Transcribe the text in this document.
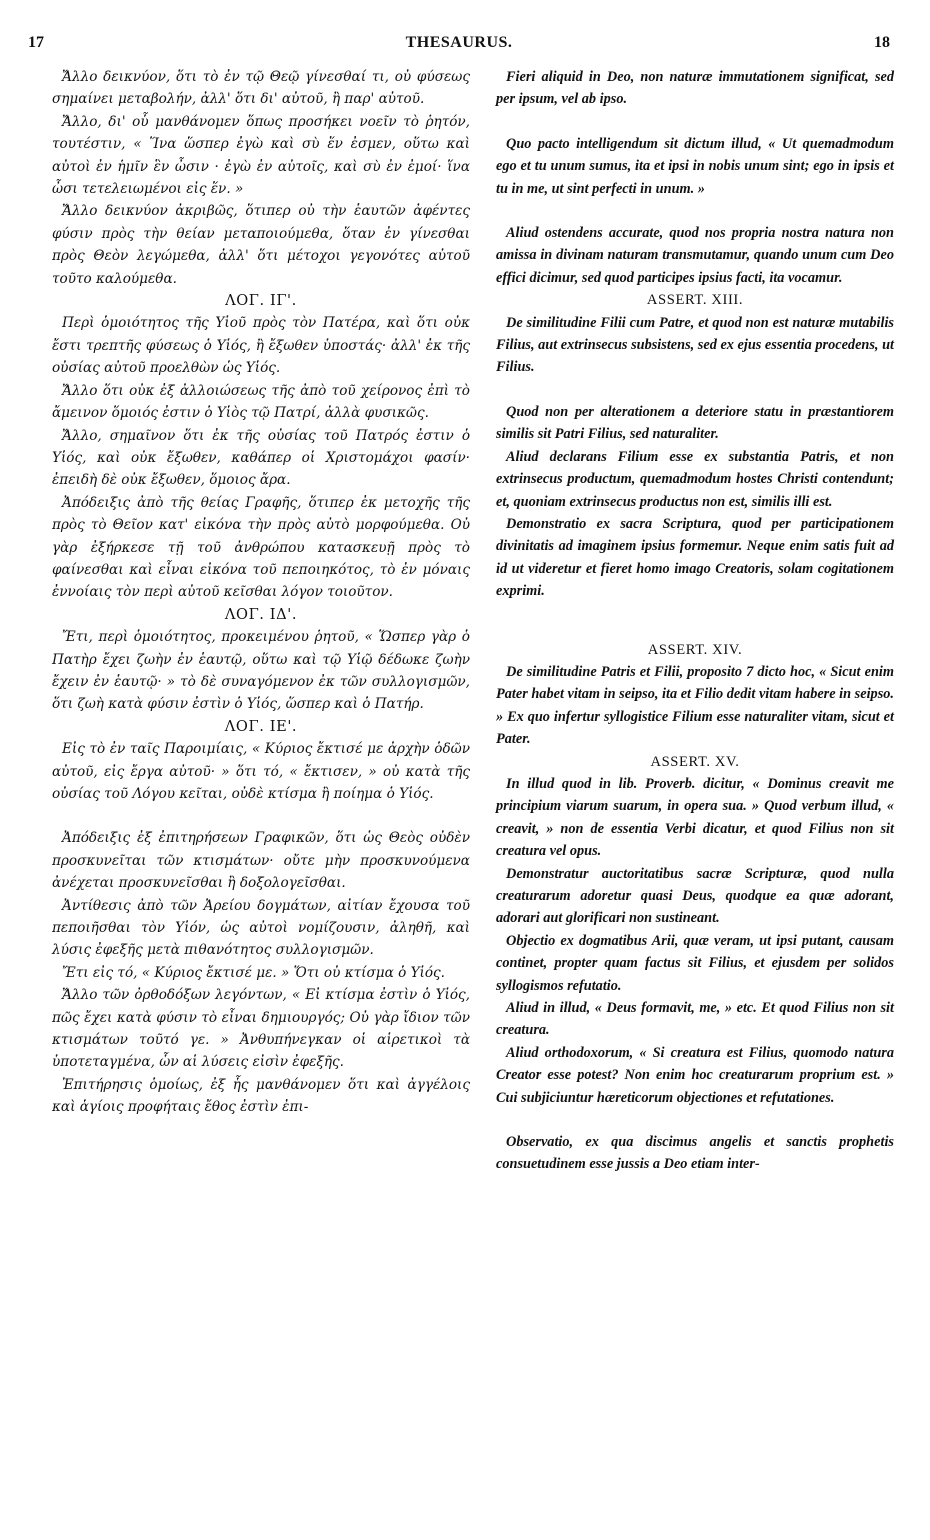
17	THESAURUS.	18

Ἄλλο δεικνύον, ὅτι τὸ ἐν τῷ Θεῷ γίνεσθαί τι, οὐ φύσεως σημαίνει μεταβολήν, ἀλλ' ὅτι δι' αὐτοῦ, ἢ παρ' αὐτοῦ.

Ἄλλο, δι' οὗ μανθάνομεν ὅπως προσήκει νοεῖν τὸ ῥητόν, τουτέστιν, « Ἵνα ὥσπερ ἐγὼ καὶ σὺ ἕν ἐσμεν, οὕτω καὶ αὐτοὶ ἐν ἡμῖν ἓν ὦσιν · ἐγὼ ἐν αὐτοῖς, καὶ σὺ ἐν ἐμοί· ἵνα ὦσι τετελειωμένοι εἰς ἕν. »

Ἄλλο δεικνύον ἀκριβῶς, ὅτιπερ οὐ τὴν ἑαυτῶν ἀφέντες φύσιν πρὸς τὴν θείαν μεταποιούμεθα, ὅταν ἐν γίνεσθαι πρὸς Θεὸν λεγώμεθα, ἀλλ' ὅτι μέτοχοι γεγονότες αὐτοῦ τοῦτο καλούμεθα.

ΛΟΓ. ΙΓ'.

Περὶ ὁμοιότητος τῆς Υἱοῦ πρὸς τὸν Πατέρα, καὶ ὅτι οὐκ ἔστι τρεπτῆς φύσεως ὁ Υἱός, ἢ ἔξωθεν ὑποστάς· ἀλλ' ἐκ τῆς οὐσίας αὐτοῦ προελθὼν ὡς Υἱός.

Ἄλλο ὅτι οὐκ ἐξ ἀλλοιώσεως τῆς ἀπὸ τοῦ χείρονος ἐπὶ τὸ ἄμεινον ὅμοιός ἐστιν ὁ Υἱὸς τῷ Πατρί, ἀλλὰ φυσικῶς.

Ἄλλο, σημαῖνον ὅτι ἐκ τῆς οὐσίας τοῦ Πατρός ἐστιν ὁ Υἱός, καὶ οὐκ ἔξωθεν, καθάπερ οἱ Χριστομάχοι φασίν· ἐπειδὴ δὲ οὐκ ἔξωθεν, ὅμοιος ἄρα.

Ἀπόδειξις ἀπὸ τῆς θείας Γραφῆς, ὅτιπερ ἐκ μετοχῆς τῆς πρὸς τὸ Θεῖον κατ' εἰκόνα τὴν πρὸς αὐτὸ μορφούμεθα. Οὐ γὰρ ἐξήρκεσε τῇ τοῦ ἀνθρώπου κατασκευῇ πρὸς τὸ φαίνεσθαι καὶ εἶναι εἰκόνα τοῦ πεποιηκότος, τὸ ἐν μόναις ἐννοίαις τὸν περὶ αὐτοῦ κεῖσθαι λόγον τοιοῦτον.

ΛΟΓ. ΙΔ'.

Ἔτι, περὶ ὁμοιότητος, προκειμένου ῥητοῦ, « Ὥσπερ γὰρ ὁ Πατὴρ ἔχει ζωὴν ἐν ἑαυτῷ, οὕτω καὶ τῷ Υἱῷ δέδωκε ζωὴν ἔχειν ἐν ἑαυτῷ· » τὸ δὲ συναγόμενον ἐκ τῶν συλλογισμῶν, ὅτι ζωὴ κατὰ φύσιν ἐστὶν ὁ Υἱός, ὥσπερ καὶ ὁ Πατήρ.

ΛΟΓ. ΙΕ'.

Εἰς τὸ ἐν ταῖς Παροιμίαις, « Κύριος ἔκτισέ με ἀρχὴν ὁδῶν αὐτοῦ, εἰς ἔργα αὐτοῦ· » ὅτι τό, « ἔκτισεν, » οὐ κατὰ τῆς οὐσίας τοῦ Λόγου κεῖται, οὐδὲ κτίσμα ἢ ποίημα ὁ Υἱός.

Ἀπόδειξις ἐξ ἐπιτηρήσεων Γραφικῶν, ὅτι ὡς Θεὸς οὐδὲν προσκυνεῖται τῶν κτισμάτων· οὔτε μὴν προσκυνούμενα ἀνέχεται προσκυνεῖσθαι ἢ δοξολογεῖσθαι.

Ἀντίθεσις ἀπὸ τῶν Ἀρείου δογμάτων, αἰτίαν ἔχουσα τοῦ πεποιῆσθαι τὸν Υἱόν, ὡς αὐτοὶ νομίζουσιν, ἀληθῆ, καὶ λύσις ἐφεξῆς μετὰ πιθανότητος συλλογισμῶν.

Ἔτι εἰς τό, « Κύριος ἔκτισέ με. » Ὅτι οὐ κτίσμα ὁ Υἱός.

Ἄλλο τῶν ὀρθοδόξων λεγόντων, « Εἰ κτίσμα ἐστὶν ὁ Υἱός, πῶς ἔχει κατὰ φύσιν τὸ εἶναι δημιουργός; Οὐ γὰρ ἴδιον τῶν κτισμάτων τοῦτό γε. » Ἀνθυπήνεγκαν οἱ αἱρετικοὶ τὰ ὑποτεταγμένα, ὧν αἱ λύσεις εἰσὶν ἐφεξῆς.

Ἐπιτήρησις ὁμοίως, ἐξ ἧς μανθάνομεν ὅτι καὶ ἀγγέλοις καὶ ἁγίοις προφήταις ἔθος ἐστὶν ἐπι-

Fieri aliquid in Deo, non naturæ immutationem significat, sed per ipsum, vel ab ipso.

Quo pacto intelligendum sit dictum illud, « Ut quemadmodum ego et tu unum sumus, ita et ipsi in nobis unum sint; ego in ipsis et tu in me, ut sint perfecti in unum. »

Aliud ostendens accurate, quod nos propria nostra natura non amissa in divinam naturam transmutamur, quando unum cum Deo effici dicimur, sed quod participes ipsius facti, ita vocamur.

ASSERT. XIII.

De similitudine Filii cum Patre, et quod non est naturæ mutabilis Filius, aut extrinsecus subsistens, sed ex ejus essentia procedens, ut Filius.

Quod non per alterationem a deteriore statu in præstantiorem similis sit Patri Filius, sed naturaliter.

Aliud declarans Filium esse ex substantia Patris, et non extrinsecus productum, quemadmodum hostes Christi contendunt; et, quoniam extrinsecus productus non est, similis illi est.

Demonstratio ex sacra Scriptura, quod per participationem divinitatis ad imaginem ipsius formemur. Neque enim satis fuit ad id ut videretur et fieret homo imago Creatoris, solam cogitationem exprimi.

ASSERT. XIV.

De similitudine Patris et Filii, proposito 7 dicto hoc, « Sicut enim Pater habet vitam in seipso, ita et Filio dedit vitam habere in seipso. » Ex quo infertur syllogistice Filium esse naturaliter vitam, sicut et Pater.

ASSERT. XV.

In illud quod in lib. Proverb. dicitur, « Dominus creavit me principium viarum suarum, in opera sua. » Quod verbum illud, « creavit, » non de essentia Verbi dicatur, et quod Filius non sit creatura vel opus.

Demonstratur auctoritatibus sacræ Scripturæ, quod nulla creaturarum adoretur quasi Deus, quodque ea quæ adorant, adorari aut glorificari non sustineant.

Objectio ex dogmatibus Arii, quæ veram, ut ipsi putant, causam continet, propter quam factus sit Filius, et ejusdem per solidos syllogismos refutatio.

Aliud in illud, « Deus formavit, me, » etc. Et quod Filius non sit creatura.

Aliud orthodoxorum, « Si creatura est Filius, quomodo natura Creator esse potest? Non enim hoc creaturarum proprium est. » Cui subjiciuntur hæreticorum objectiones et refutationes.

Observatio, ex qua discimus angelis et sanctis prophetis consuetudinem esse jussis a Deo etiam inter-
